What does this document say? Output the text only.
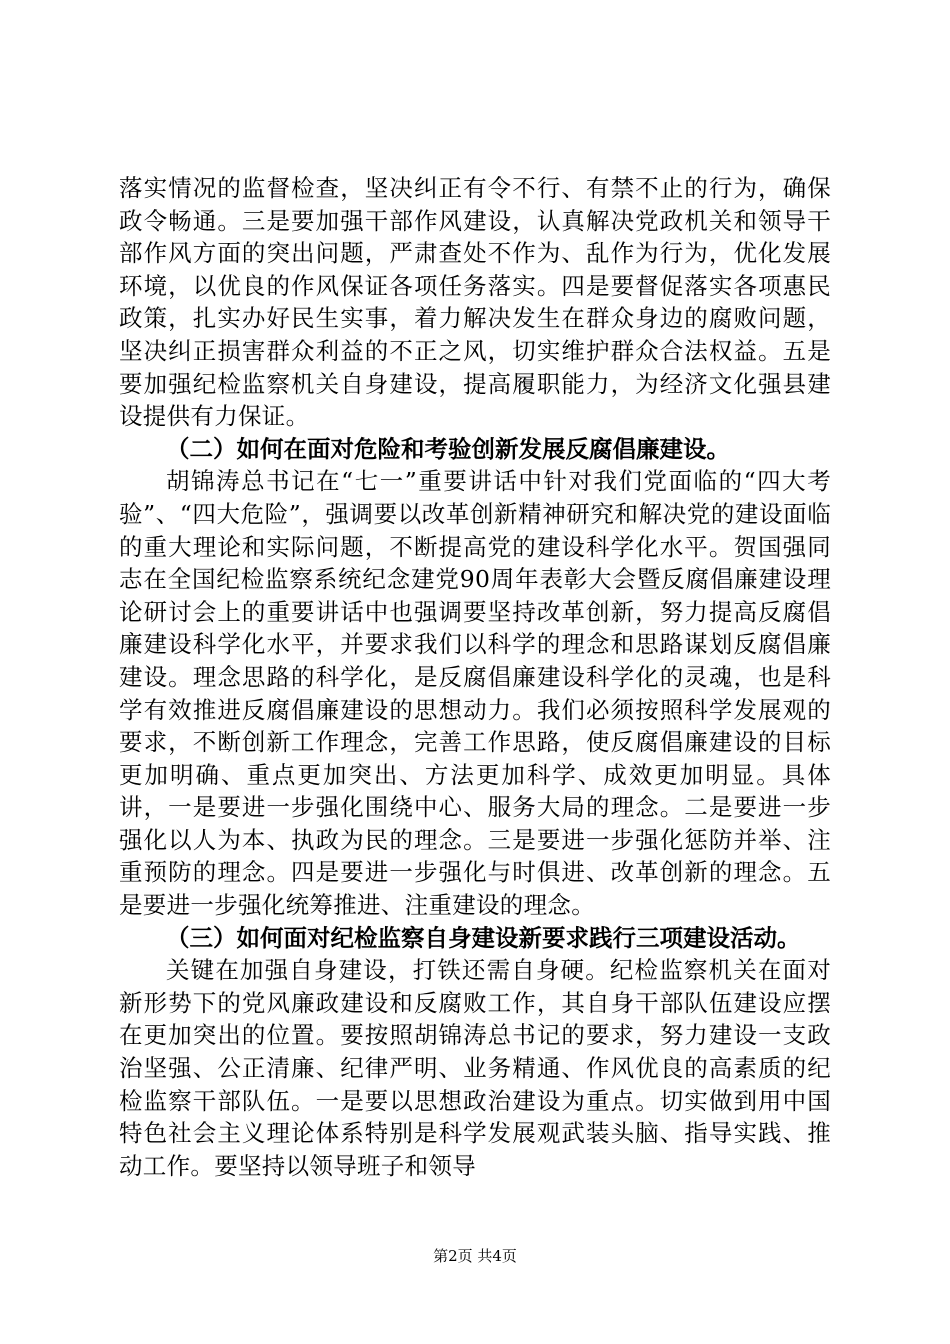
落实情况的监督检查，坚决纠正有令不行、有禁不止的行为，确保政令畅通。三是要加强干部作风建设，认真解决党政机关和领导干部作风方面的突出问题，严肃查处不作为、乱作为行为，优化发展环境，以优良的作风保证各项任务落实。四是要督促落实各项惠民政策，扎实办好民生实事，着力解决发生在群众身边的腐败问题，坚决纠正损害群众利益的不正之风，切实维护群众合法权益。五是要加强纪检监察机关自身建设，提高履职能力，为经济文化强县建设提供有力保证。

（二）如何在面对危险和考验创新发展反腐倡廉建设。

胡锦涛总书记在“七一”重要讲话中针对我们党面临的“四大考验”、“四大危险”，强调要以改革创新精神研究和解决党的建设面临的重大理论和实际问题，不断提高党的建设科学化水平。贺国强同志在全国纪检监察系统纪念建党90周年表彰大会暨反腐倡廉建设理论研讨会上的重要讲话中也强调要坚持改革创新，努力提高反腐倡廉建设科学化水平，并要求我们以科学的理念和思路谋划反腐倡廉建设。理念思路的科学化，是反腐倡廉建设科学化的灵魂，也是科学有效推进反腐倡廉建设的思想动力。我们必须按照科学发展观的要求，不断创新工作理念，完善工作思路，使反腐倡廉建设的目标更加明确、重点更加突出、方法更加科学、成效更加明显。具体讲，一是要进一步强化围绕中心、服务大局的理念。二是要进一步强化以人为本、执政为民的理念。三是要进一步强化惩防并举、注重预防的理念。四是要进一步强化与时俱进、改革创新的理念。五是要进一步强化统筹推进、注重建设的理念。

（三）如何面对纪检监察自身建设新要求践行三项建设活动。

关键在加强自身建设，打铁还需自身硬。纪检监察机关在面对新形势下的党风廉政建设和反腐败工作，其自身干部队伍建设应摆在更加突出的位置。要按照胡锦涛总书记的要求，努力建设一支政治坚强、公正清廉、纪律严明、业务精通、作风优良的高素质的纪检监察干部队伍。一是要以思想政治建设为重点。切实做到用中国特色社会主义理论体系特别是科学发展观武装头脑、指导实践、推动工作。要坚持以领导班子和领导

第2页 共4页
